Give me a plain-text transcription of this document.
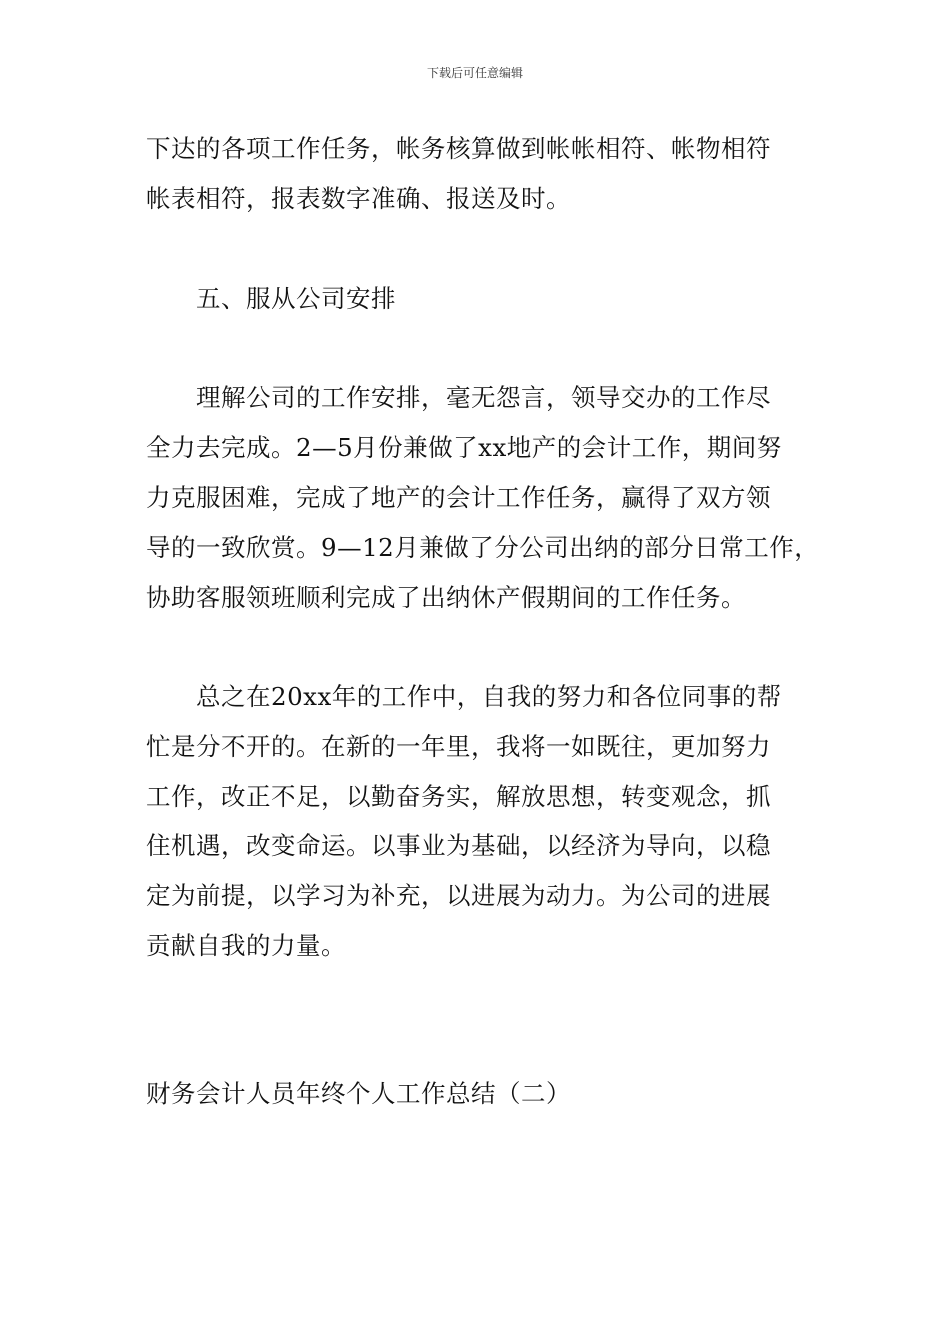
下载后可任意编辑
下达的各项工作任务，帐务核算做到帐帐相符、帐物相符
帐表相符，报表数字准确、报送及时。
五、服从公司安排
理解公司的工作安排，毫无怨言，领导交办的工作尽
全力去完成。2—5月份兼做了xx地产的会计工作，期间努
力克服困难，完成了地产的会计工作任务，赢得了双方领
导的一致欣赏。9—12月兼做了分公司出纳的部分日常工作，
协助客服领班顺利完成了出纳休产假期间的工作任务。
总之在20xx年的工作中，自我的努力和各位同事的帮
忙是分不开的。在新的一年里，我将一如既往，更加努力
工作，改正不足，以勤奋务实，解放思想，转变观念，抓
住机遇，改变命运。以事业为基础，以经济为导向，以稳
定为前提，以学习为补充，以进展为动力。为公司的进展
贡献自我的力量。
财务会计人员年终个人工作总结（二）
